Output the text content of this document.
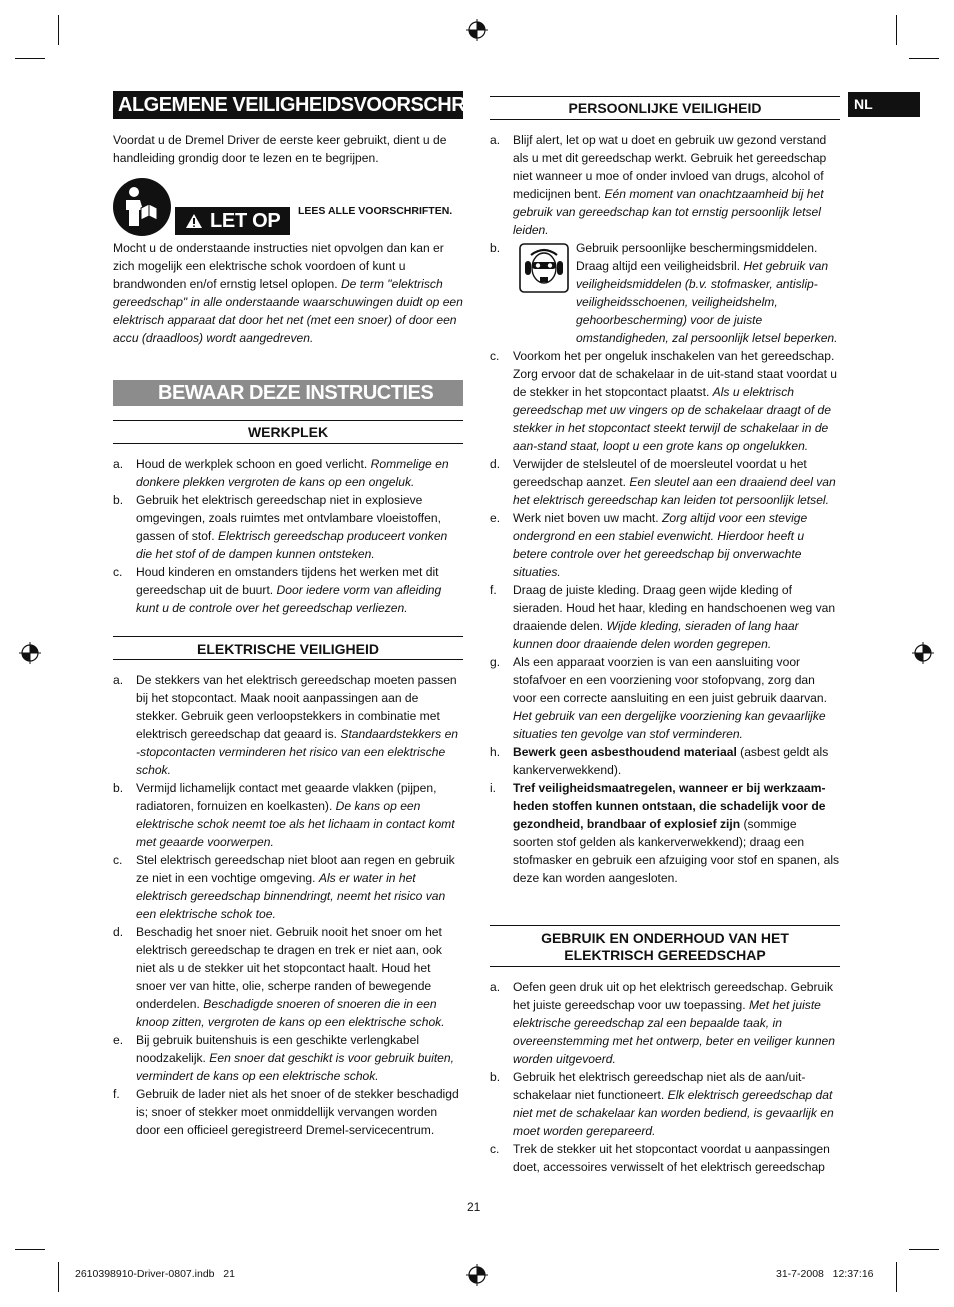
NL
ALGEMENE VEILIGHEIDSVOORSCHRIFTEN
Voordat u de Dremel Driver de eerste keer gebruikt, dient u de handleiding grondig door te lezen en te begrijpen.
LET OP LEES ALLE VOORSCHRIFTEN.
Mocht u de onderstaande instructies niet opvolgen dan kan er zich mogelijk een elektrische schok voordoen of kunt u brandwonden en/of ernstig letsel oplopen. De term "elektrisch gereedschap" in alle onderstaande waarschuwingen duidt op een elektrisch apparaat dat door het net (met een snoer) of door een accu (draadloos) wordt aangedreven.
BEWAAR DEZE INSTRUCTIES
WERKPLEK
a. Houd de werkplek schoon en goed verlicht. Rommelige en donkere plekken vergroten de kans op een ongeluk.
b. Gebruik het elektrisch gereedschap niet in explosieve omgevingen, zoals ruimtes met ontvlambare vloeistoffen, gassen of stof. Elektrisch gereedschap produceert vonken die het stof of de dampen kunnen ontsteken.
c. Houd kinderen en omstanders tijdens het werken met dit gereedschap uit de buurt. Door iedere vorm van afleiding kunt u de controle over het gereedschap verliezen.
ELEKTRISCHE VEILIGHEID
a. De stekkers van het elektrisch gereedschap moeten passen bij het stopcontact. Maak nooit aanpassingen aan de stekker. Gebruik geen verloopstekkers in combinatie met elektrisch gereedschap dat geaard is. Standaardstekkers en -stopcontacten verminderen het risico van een elektrische schok.
b. Vermijd lichamelijk contact met geaarde vlakken (pijpen, radiatoren, fornuizen en koelkasten). De kans op een elektrische schok neemt toe als het lichaam in contact komt met geaarde voorwerpen.
c. Stel elektrisch gereedschap niet bloot aan regen en gebruik ze niet in een vochtige omgeving. Als er water in het elektrisch gereedschap binnendringt, neemt het risico van een elektrische schok toe.
d. Beschadig het snoer niet. Gebruik nooit het snoer om het elektrisch gereedschap te dragen en trek er niet aan, ook niet als u de stekker uit het stopcontact haalt. Houd het snoer ver van hitte, olie, scherpe randen of bewegende onderdelen. Beschadigde snoeren of snoeren die in een knoop zitten, vergroten de kans op een elektrische schok.
e. Bij gebruik buitenshuis is een geschikte verlengkabel noodzakelijk. Een snoer dat geschikt is voor gebruik buiten, vermindert de kans op een elektrische schok.
f. Gebruik de lader niet als het snoer of de stekker beschadigd is; snoer of stekker moet onmiddellijk vervangen worden door een officieel geregistreerd Dremel-servicecentrum.
PERSOONLIJKE VEILIGHEID
a. Blijf alert, let op wat u doet en gebruik uw gezond verstand als u met dit gereedschap werkt. Gebruik het gereedschap niet wanneer u moe of onder invloed van drugs, alcohol of medicijnen bent. Eén moment van onachtzaamheid bij het gebruik van gereedschap kan tot ernstig persoonlijk letsel leiden.
b.	Gebruik persoonlijke beschermingsmiddelen. Draag altijd een veiligheidsbril. Het gebruik van veiligheidsmiddelen (b.v. stofmasker, antislip-veiligheidsschoenen, veiligheidshelm, gehoorbescherming) voor de juiste omstandigheden, zal persoonlijk letsel beperken.
c. Voorkom het per ongeluk inschakelen van het gereedschap. Zorg ervoor dat de schakelaar in de uit-stand staat voordat u de stekker in het stopcontact plaatst. Als u elektrisch gereedschap met uw vingers op de schakelaar draagt of de stekker in het stopcontact steekt terwijl de schakelaar in de aan-stand staat, loopt u een grote kans op ongelukken.
d. Verwijder de stelsleutel of de moersleutel voordat u het gereedschap aanzet. Een sleutel aan een draaiend deel van het elektrisch gereedschap kan leiden tot persoonlijk letsel.
e. Werk niet boven uw macht. Zorg altijd voor een stevige ondergrond en een stabiel evenwicht. Hierdoor heeft u betere controle over het gereedschap bij onverwachte situaties.
f. Draag de juiste kleding. Draag geen wijde kleding of sieraden. Houd het haar, kleding en handschoenen weg van draaiende delen. Wijde kleding, sieraden of lang haar kunnen door draaiende delen worden gegrepen.
g. Als een apparaat voorzien is van een aansluiting voor stofafvoer en een voorziening voor stofopvang, zorg dan voor een correcte aansluiting en een juist gebruik daarvan. Het gebruik van een dergelijke voorziening kan gevaarlijke situaties ten gevolge van stof verminderen.
h. Bewerk geen asbesthoudend materiaal (asbest geldt als kankerverwekkend).
i. Tref veiligheidsmaatregelen, wanneer er bij werkzaam-heden stoffen kunnen ontstaan, die schadelijk voor de gezondheid, brandbaar of explosief zijn (sommige soorten stof gelden als kankerverwekkend); draag een stofmasker en gebruik een afzuiging voor stof en spanen, als deze kan worden aangesloten.
GEBRUIK EN ONDERHOUD VAN HET
ELEKTRISCH GEREEDSCHAP
a. Oefen geen druk uit op het elektrisch gereedschap. Gebruik het juiste gereedschap voor uw toepassing. Met het juiste elektrische gereedschap zal een bepaalde taak, in overeenstemming met het ontwerp, beter en veiliger kunnen worden uitgevoerd.
b. Gebruik het elektrisch gereedschap niet als de aan/uit-schakelaar niet functioneert. Elk elektrisch gereedschap dat niet met de schakelaar kan worden bediend, is gevaarlijk en moet worden gerepareerd.
c. Trek de stekker uit het stopcontact voordat u aanpassingen doet, accessoires verwisselt of het elektrisch gereedschap
21
2610398910-Driver-0807.indb   21	31-7-2008   12:37:16
